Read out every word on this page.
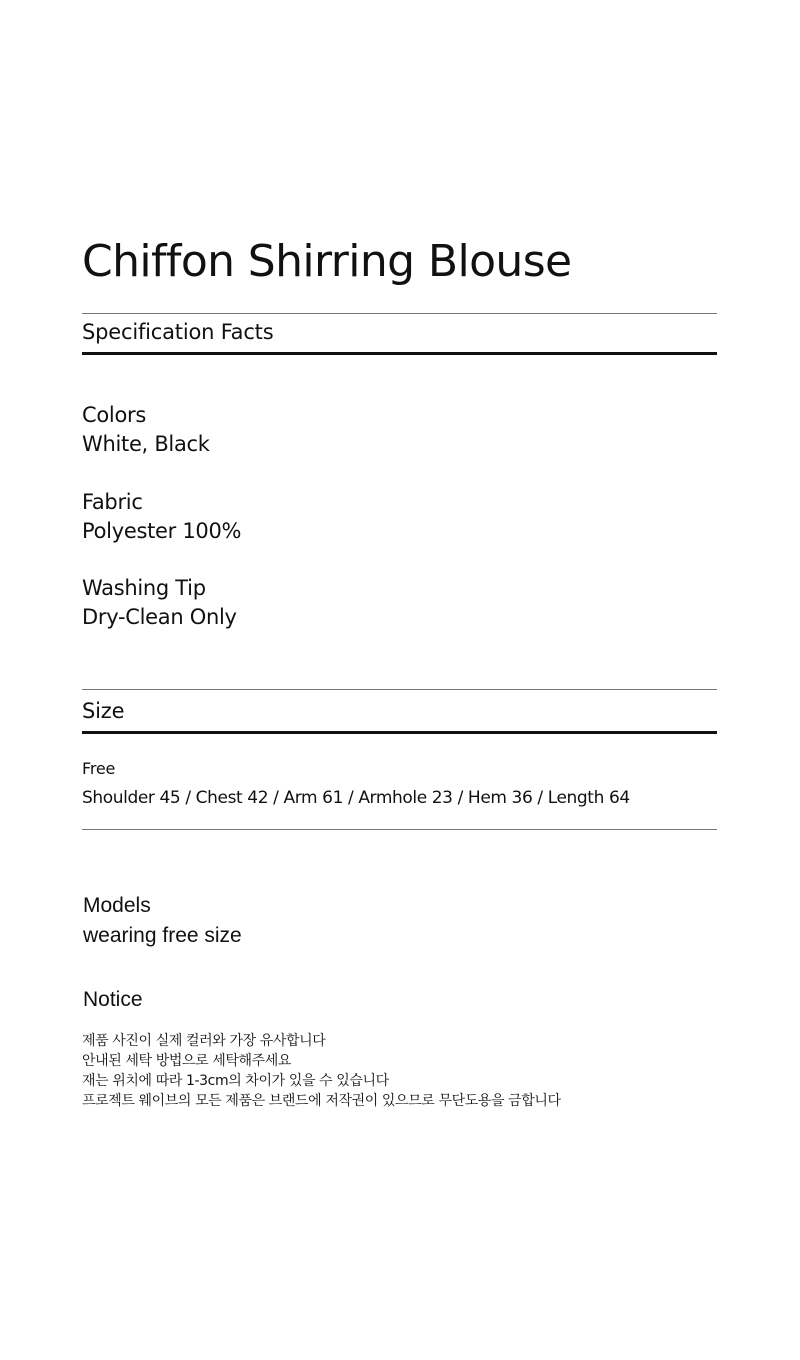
Chiffon Shirring Blouse
Specification Facts
Colors
White, Black
Fabric
Polyester 100%
Washing Tip
Dry-Clean Only
Size
Free
Shoulder 45 / Chest 42 / Arm 61 / Armhole 23 / Hem 36 / Length 64
Models
wearing free size
Notice
제품 사진이 실제 컬러와 가장 유사합니다
안내된 세탁 방법으로 세탁해주세요
재는 위치에 따라 1-3cm의 차이가 있을 수 있습니다
프로젝트 웨이브의 모든 제품은 브랜드에 저작권이 있으므로 무단도용을 금합니다
